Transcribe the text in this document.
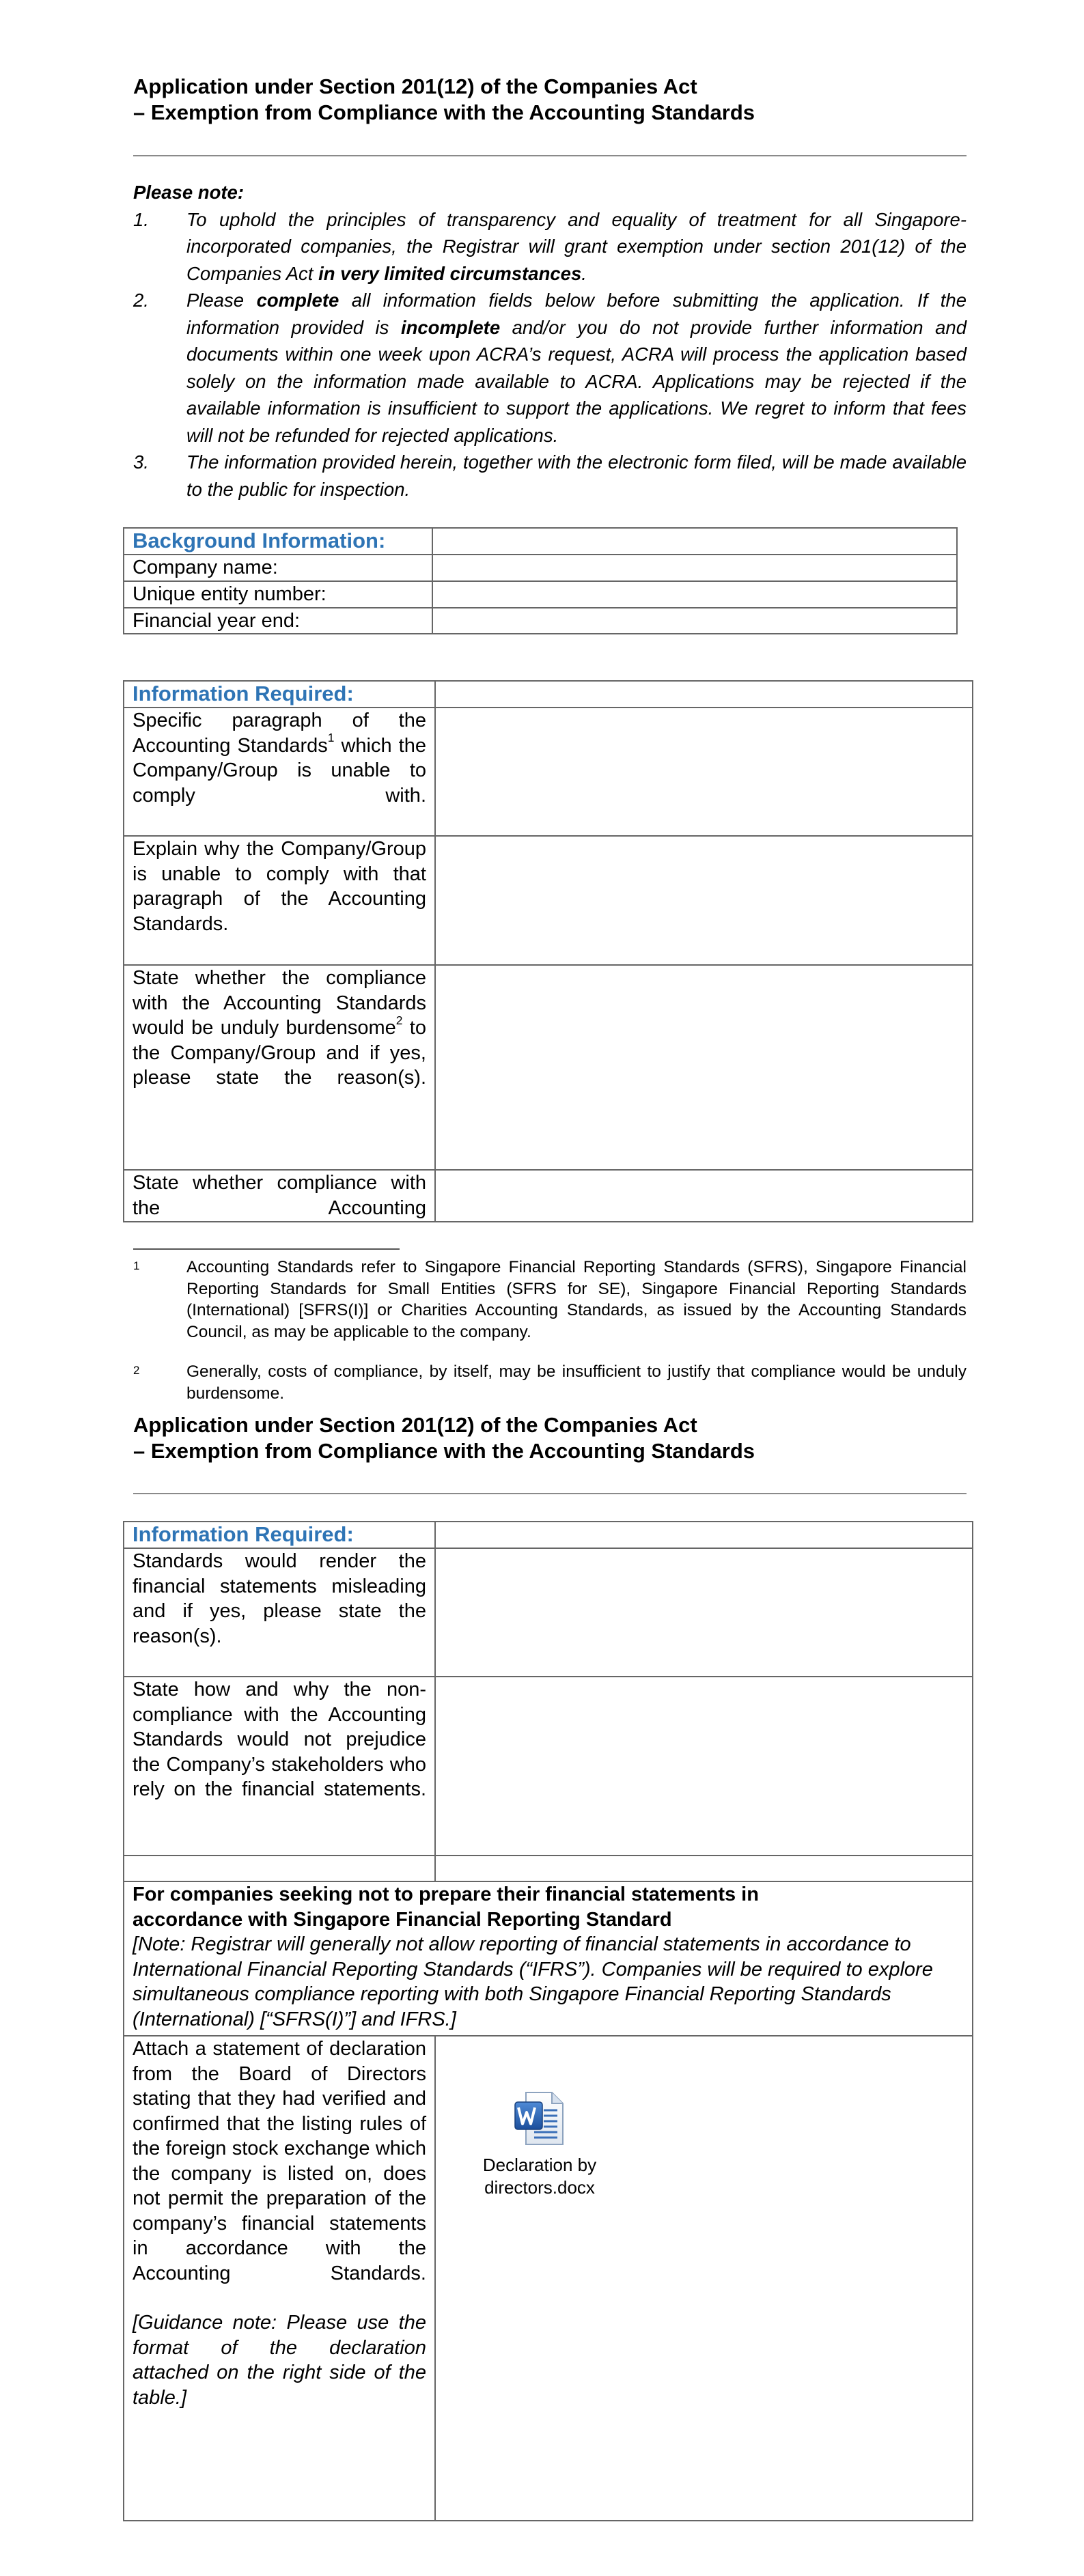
Application under Section 201(12) of the Companies Act
– Exemption from Compliance with the Accounting Standards
Please note:
1. To uphold the principles of transparency and equality of treatment for all Singapore-incorporated companies, the Registrar will grant exemption under section 201(12) of the Companies Act in very limited circumstances.
2. Please complete all information fields below before submitting the application. If the information provided is incomplete and/or you do not provide further information and documents within one week upon ACRA’s request, ACRA will process the application based solely on the information made available to ACRA. Applications may be rejected if the available information is insufficient to support the applications. We regret to inform that fees will not be refunded for rejected applications.
3. The information provided herein, together with the electronic form filed, will be made available to the public for inspection.
Background Information:	
Company name:	
Unique entity number:	
Financial year end:	
Information Required:	

Specific paragraph of the Accounting Standards$^1$ which the Company/Group is unable to comply with.	

Explain why the Company/Group is unable to comply with that paragraph of the Accounting Standards.	

State whether the compliance with the Accounting Standards would be unduly burdensome$^2$ to the Company/Group and if yes, please state the reason(s).	

State whether compliance with the Accounting	

1	Accounting Standards refer to Singapore Financial Reporting Standards (SFRS), Singapore Financial Reporting Standards for Small Entities (SFRS for SE), Singapore Financial Reporting Standards (International) [SFRS(I)] or Charities Accounting Standards, as issued by the Accounting Standards Council, as may be applicable to the company.
2	Generally, costs of compliance, by itself, may be insufficient to justify that compliance would be unduly burdensome.
Application under Section 201(12) of the Companies Act
– Exemption from Compliance with the Accounting Standards
Information Required:	

Standards would render the financial statements misleading and if yes, please state the reason(s).	

State how and why the non-compliance with the Accounting Standards would not prejudice the Company’s stakeholders who rely on the financial statements.	

For companies seeking not to prepare their financial statements in
accordance with Singapore Financial Reporting Standard
[Note: Registrar will generally not allow reporting of financial statements in accordance to International Financial Reporting Standards (“IFRS”). Companies will be required to explore simultaneous compliance reporting with both Singapore Financial Reporting Standards (International) [“SFRS(I)”] and IFRS.]	

Attach a statement of declaration from the Board of Directors stating that they had verified and confirmed that the listing rules of the foreign stock exchange which the company is listed on, does not permit the preparation of the company’s financial statements in accordance with the Accounting Standards.
[Guidance note: Please use the format of the declaration attached on the right side of the table.]	

Declaration by
directors.docx
